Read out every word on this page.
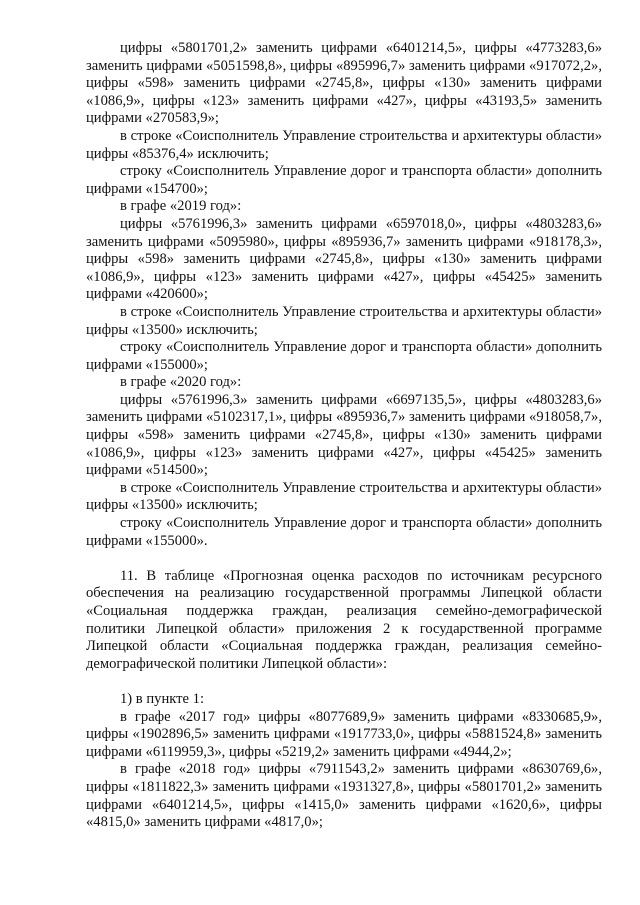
цифры «5801701,2» заменить цифрами «6401214,5», цифры «4773283,6» заменить цифрами «5051598,8», цифры «895996,7» заменить цифрами «917072,2», цифры «598» заменить цифрами «2745,8», цифры «130» заменить цифрами «1086,9», цифры «123» заменить цифрами «427», цифры «43193,5» заменить цифрами «270583,9»;

в строке «Соисполнитель Управление строительства и архитектуры области» цифры «85376,4» исключить;

строку «Соисполнитель Управление дорог и транспорта области» дополнить цифрами «154700»;

в графе «2019 год»:

цифры «5761996,3» заменить цифрами «6597018,0», цифры «4803283,6» заменить цифрами «5095980», цифры «895936,7» заменить цифрами «918178,3», цифры «598» заменить цифрами «2745,8», цифры «130» заменить цифрами «1086,9», цифры «123» заменить цифрами «427», цифры «45425» заменить цифрами «420600»;

в строке «Соисполнитель Управление строительства и архитектуры области» цифры «13500» исключить;

строку «Соисполнитель Управление дорог и транспорта области» дополнить цифрами «155000»;

в графе «2020 год»:

цифры «5761996,3» заменить цифрами «6697135,5», цифры «4803283,6» заменить цифрами «5102317,1», цифры «895936,7» заменить цифрами «918058,7», цифры «598» заменить цифрами «2745,8», цифры «130» заменить цифрами «1086,9», цифры «123» заменить цифрами «427», цифры «45425» заменить цифрами «514500»;

в строке «Соисполнитель Управление строительства и архитектуры области» цифры «13500» исключить;

строку «Соисполнитель Управление дорог и транспорта области» дополнить цифрами «155000».

11. В таблице «Прогнозная оценка расходов по источникам ресурсного обеспечения на реализацию государственной программы Липецкой области «Социальная поддержка граждан, реализация семейно-демографической политики Липецкой области» приложения 2 к государственной программе Липецкой области «Социальная поддержка граждан, реализация семейно-демографической политики Липецкой области»:

1) в пункте 1:

в графе «2017 год» цифры «8077689,9» заменить цифрами «8330685,9», цифры «1902896,5» заменить цифрами «1917733,0», цифры «5881524,8» заменить цифрами «6119959,3», цифры «5219,2» заменить цифрами «4944,2»;

в графе «2018 год» цифры «7911543,2» заменить цифрами «8630769,6», цифры «1811822,3» заменить цифрами «1931327,8», цифры «5801701,2» заменить цифрами «6401214,5», цифры «1415,0» заменить цифрами «1620,6», цифры «4815,0» заменить цифрами «4817,0»;
